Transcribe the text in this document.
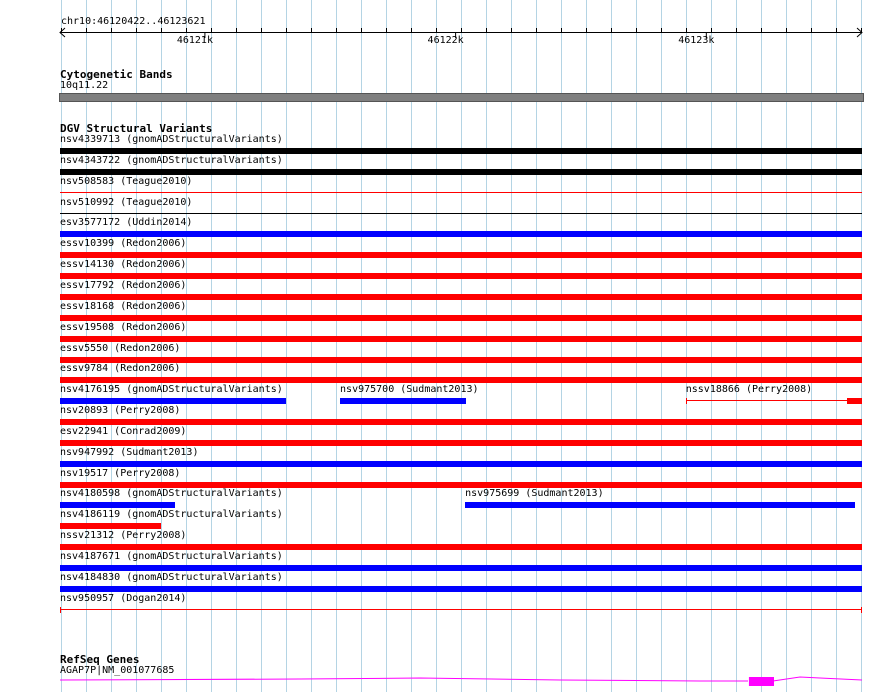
chr10:46120422..46123621
46121k	46122k	46123k
Cytogenetic Bands
10q11.22
DGV Structural Variants
nsv4339713 (gnomADStructuralVariants)
nsv4343722 (gnomADStructuralVariants)
nsv508583 (Teague2010)
nsv510992 (Teague2010)
esv3577172 (Uddin2014)
essv10399 (Redon2006)
essv14130 (Redon2006)
essv17792 (Redon2006)
essv18168 (Redon2006)
essv19508 (Redon2006)
essv5550 (Redon2006)
essv9784 (Redon2006)
nsv4176195 (gnomADStructuralVariants)	nsv975700 (Sudmant2013)	nssv18866 (Perry2008)
nsv20893 (Perry2008)
esv22941 (Conrad2009)
nsv947992 (Sudmant2013)
nsv19517 (Perry2008)
nsv4180598 (gnomADStructuralVariants)	nsv975699 (Sudmant2013)
nsv4186119 (gnomADStructuralVariants)
nssv21312 (Perry2008)
nsv4187671 (gnomADStructuralVariants)
nsv4184830 (gnomADStructuralVariants)
nsv950957 (Dogan2014)
RefSeq Genes
AGAP7P|NM_001077685
